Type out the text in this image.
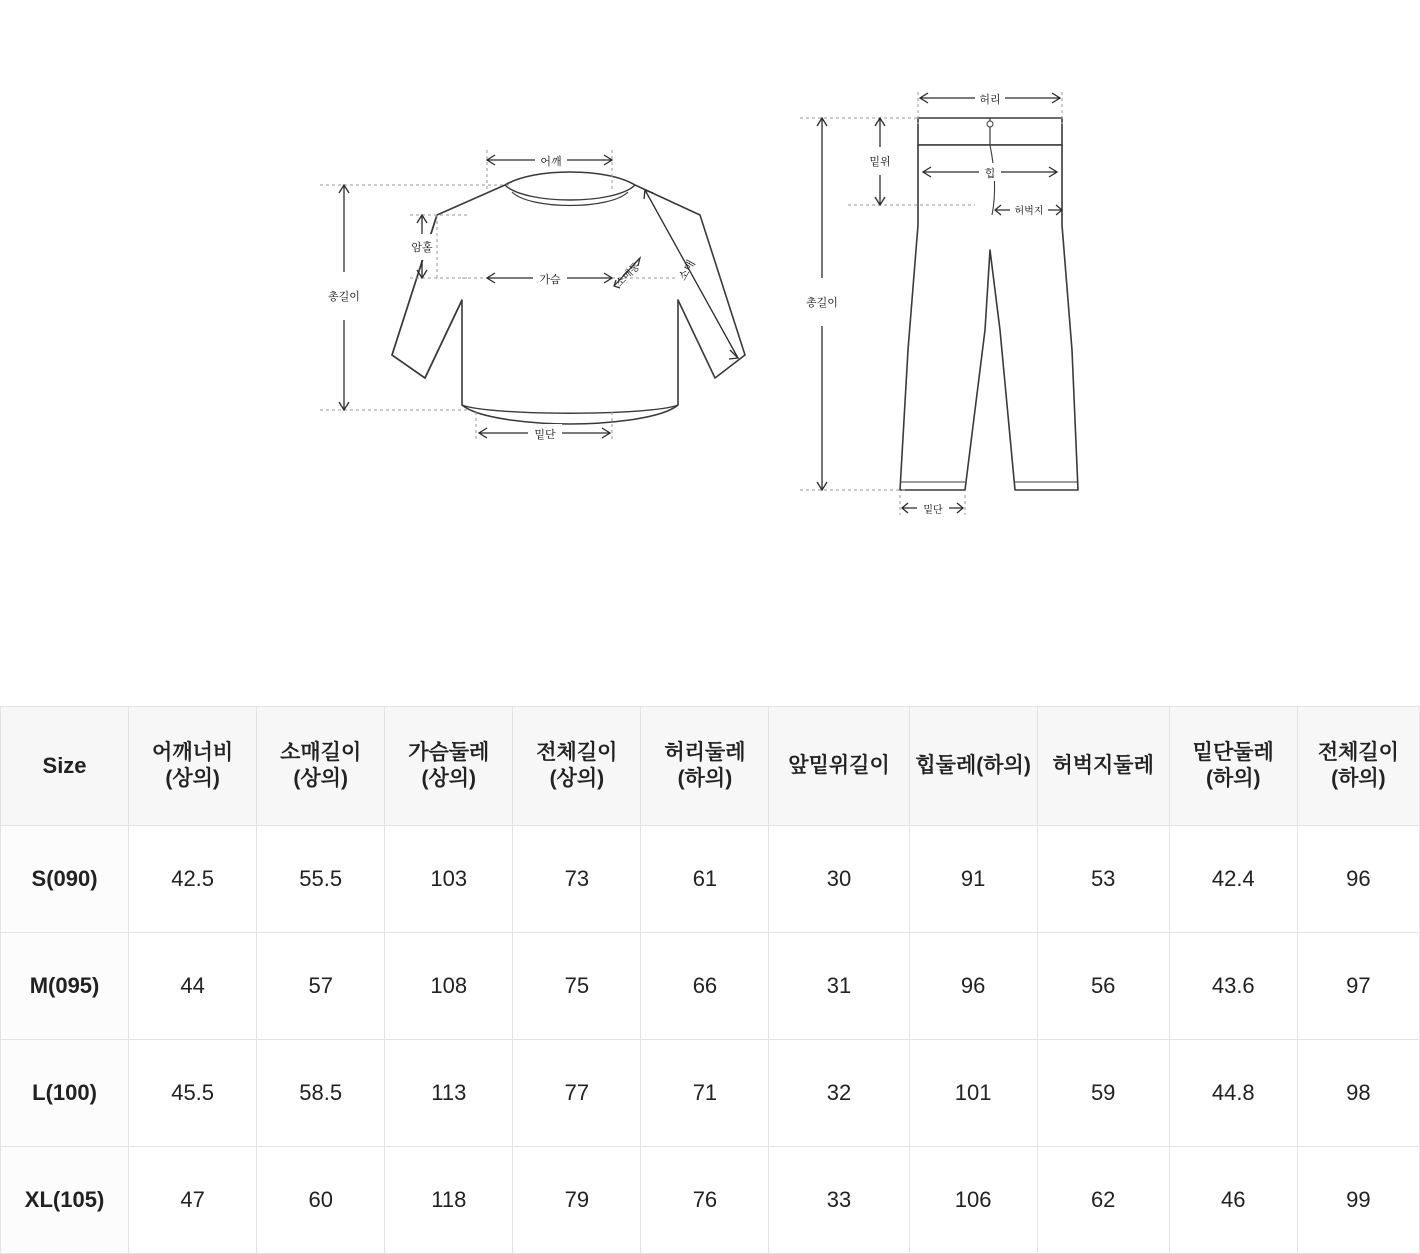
어깨
암홀
가슴	소매통	소매
총길이
밑단
허리
밑위
힙
허벅지
총길이
밑단
Size	어깨너비(상의)	소매길이(상의)	가슴둘레(상의)	전체길이(상의)	허리둘레(하의)	앞밑위길이	힙둘레(하의)	허벅지둘레	밑단둘레(하의)	전체길이(하의)
S(090)	42.5	55.5	103	73	61	30	91	53	42.4	96
M(095)	44	57	108	75	66	31	96	56	43.6	97
L(100)	45.5	58.5	113	77	71	32	101	59	44.8	98
XL(105)	47	60	118	79	76	33	106	62	46	99
